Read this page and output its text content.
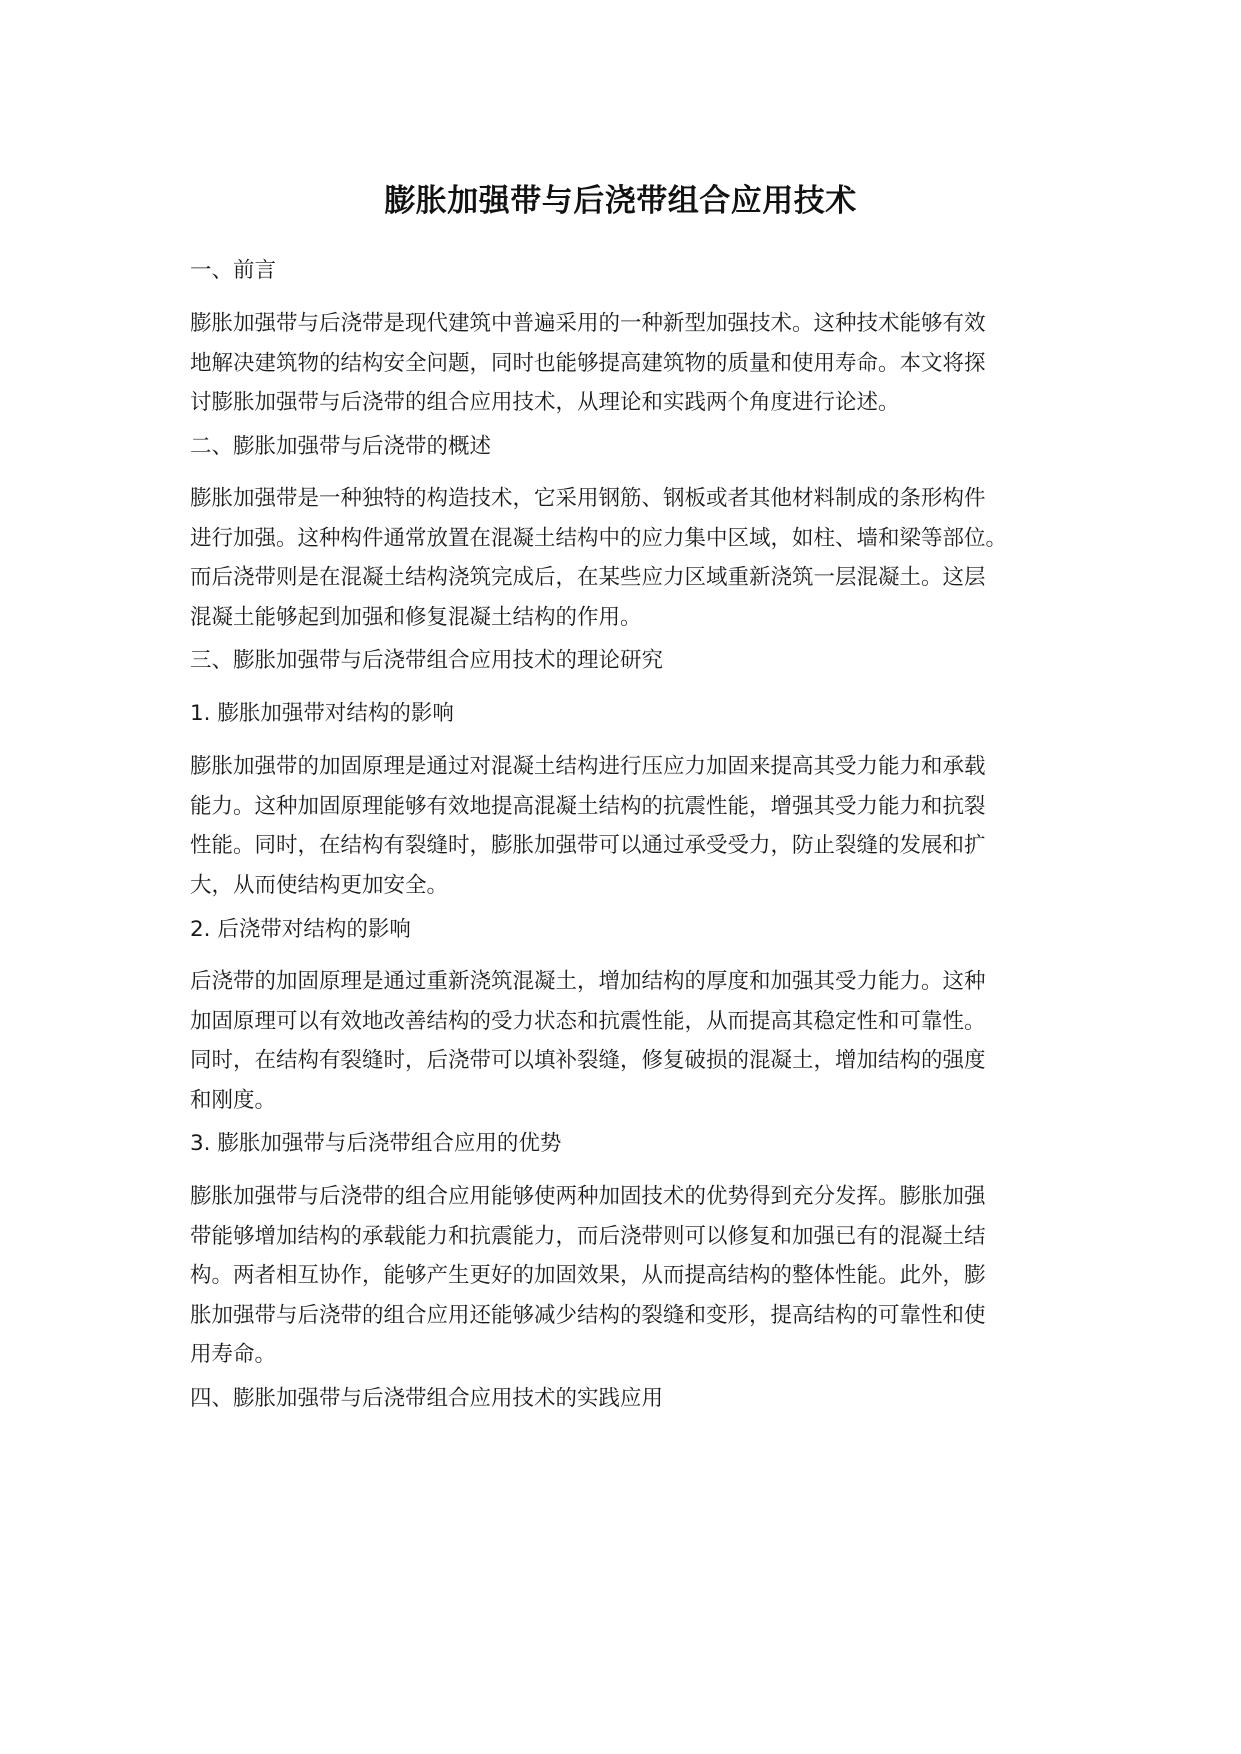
膨胀加强带与后浇带组合应用技术

一、前言

膨胀加强带与后浇带是现代建筑中普遍采用的一种新型加强技术。这种技术能够有效
地解决建筑物的结构安全问题，同时也能够提高建筑物的质量和使用寿命。本文将探
讨膨胀加强带与后浇带的组合应用技术，从理论和实践两个角度进行论述。

二、膨胀加强带与后浇带的概述

膨胀加强带是一种独特的构造技术，它采用钢筋、钢板或者其他材料制成的条形构件
进行加强。这种构件通常放置在混凝土结构中的应力集中区域，如柱、墙和梁等部位。
而后浇带则是在混凝土结构浇筑完成后，在某些应力区域重新浇筑一层混凝土。这层
混凝土能够起到加强和修复混凝土结构的作用。

三、膨胀加强带与后浇带组合应用技术的理论研究

1. 膨胀加强带对结构的影响

膨胀加强带的加固原理是通过对混凝土结构进行压应力加固来提高其受力能力和承载
能力。这种加固原理能够有效地提高混凝土结构的抗震性能，增强其受力能力和抗裂
性能。同时，在结构有裂缝时，膨胀加强带可以通过承受受力，防止裂缝的发展和扩
大，从而使结构更加安全。

2. 后浇带对结构的影响

后浇带的加固原理是通过重新浇筑混凝土，增加结构的厚度和加强其受力能力。这种
加固原理可以有效地改善结构的受力状态和抗震性能，从而提高其稳定性和可靠性。
同时，在结构有裂缝时，后浇带可以填补裂缝，修复破损的混凝土，增加结构的强度
和刚度。

3. 膨胀加强带与后浇带组合应用的优势

膨胀加强带与后浇带的组合应用能够使两种加固技术的优势得到充分发挥。膨胀加强
带能够增加结构的承载能力和抗震能力，而后浇带则可以修复和加强已有的混凝土结
构。两者相互协作，能够产生更好的加固效果，从而提高结构的整体性能。此外，膨
胀加强带与后浇带的组合应用还能够减少结构的裂缝和变形，提高结构的可靠性和使
用寿命。

四、膨胀加强带与后浇带组合应用技术的实践应用
